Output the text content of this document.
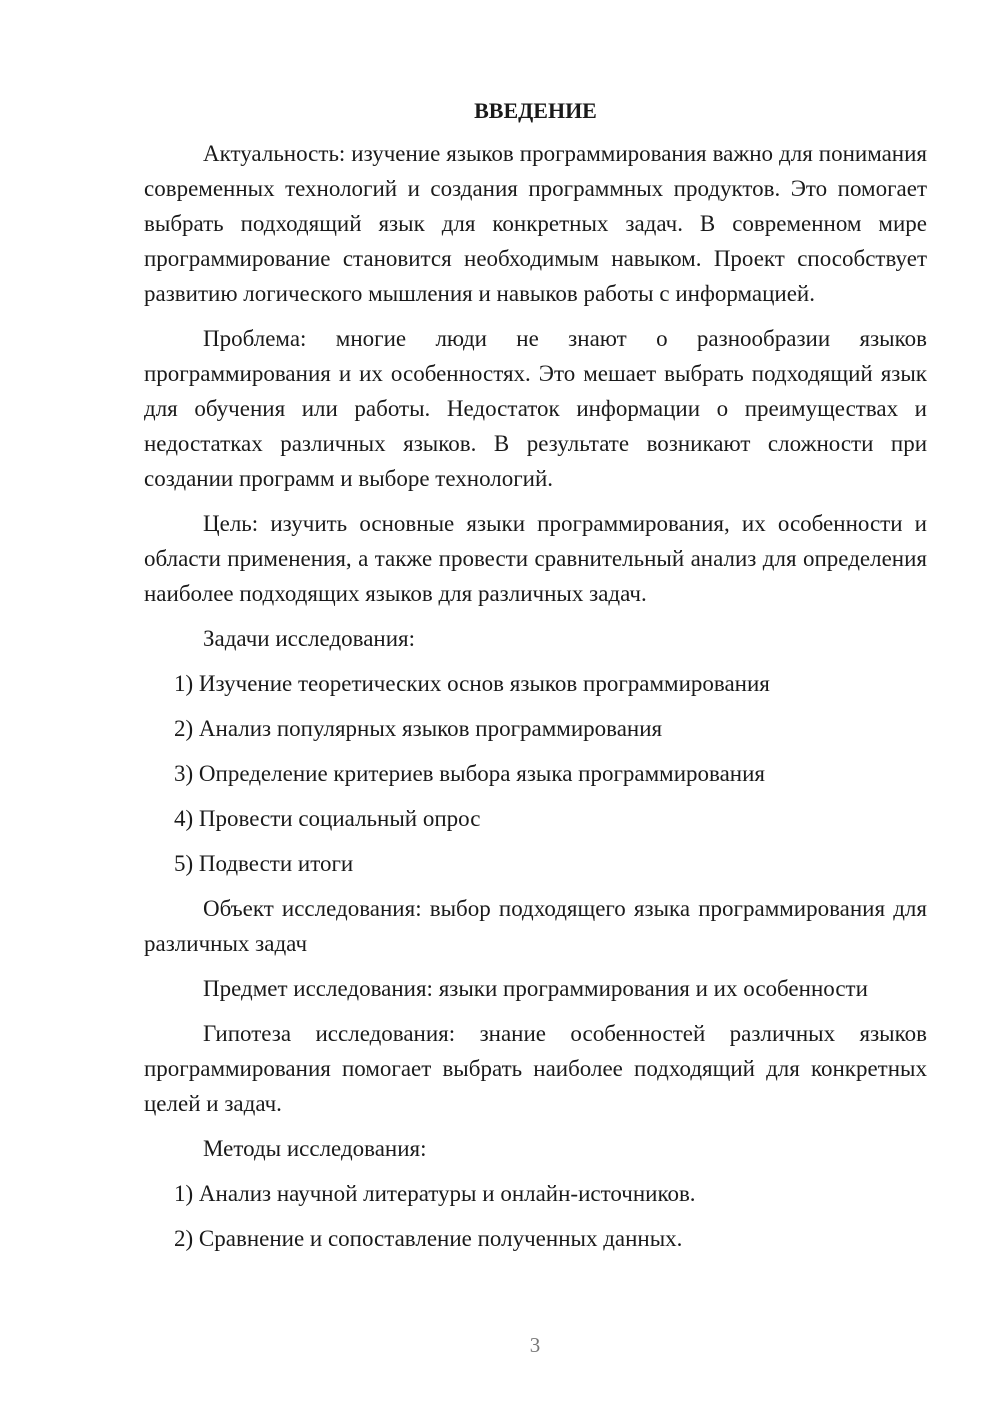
ВВЕДЕНИЕ

Актуальность: изучение языков программирования важно для понимания современных технологий и создания программных продуктов. Это помогает выбрать подходящий язык для конкретных задач. В современном мире программирование становится необходимым навыком. Проект способствует развитию логического мышления и навыков работы с информацией.

Проблема: многие люди не знают о разнообразии языков программирования и их особенностях. Это мешает выбрать подходящий язык для обучения или работы. Недостаток информации о преимуществах и недостатках различных языков. В результате возникают сложности при создании программ и выборе технологий.

Цель: изучить основные языки программирования, их особенности и области применения, а также провести сравнительный анализ для определения наиболее подходящих языков для различных задач.

Задачи исследования:

1) Изучение теоретических основ языков программирования
2) Анализ популярных языков программирования
3) Определение критериев выбора языка программирования
4) Провести социальный опрос
5) Подвести итоги

Объект исследования: выбор подходящего языка программирования для различных задач

Предмет исследования: языки программирования и их особенности

Гипотеза исследования: знание особенностей различных языков программирования помогает выбрать наиболее подходящий для конкретных целей и задач.

Методы исследования:

1) Анализ научной литературы и онлайн-источников.
2) Сравнение и сопоставление полученных данных.
3
